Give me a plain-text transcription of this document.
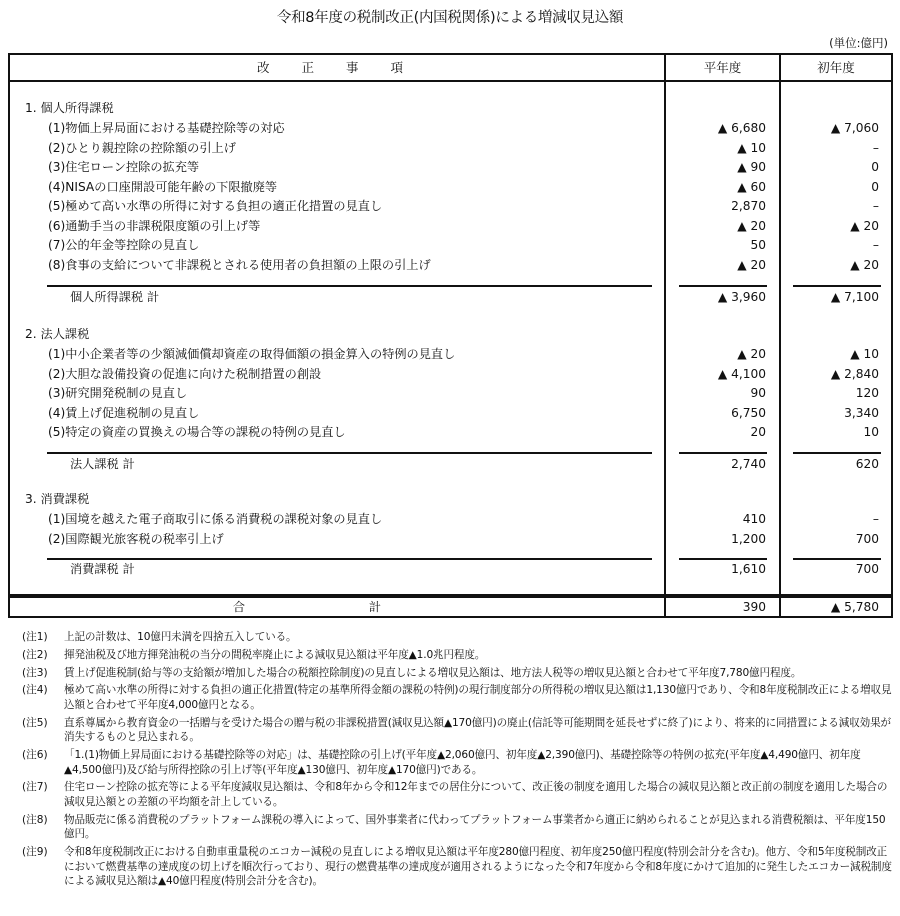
令和8年度の税制改正(内国税関係)による増減収見込額
(単位:億円)
改 正 事 項	平年度	初年度
1. 個人所得課税
(1)物価上昇局面における基礎控除等の対応	▲ 6,680	▲ 7,060
(2)ひとり親控除の控除額の引上げ	▲ 10	–
(3)住宅ローン控除の拡充等	▲ 90	0
(4)NISAの口座開設可能年齢の下限撤廃等	▲ 60	0
(5)極めて高い水準の所得に対する負担の適正化措置の見直し	2,870	–
(6)通勤手当の非課税限度額の引上げ等	▲ 20	▲ 20
(7)公的年金等控除の見直し	50	–
(8)食事の支給について非課税とされる使用者の負担額の上限の引上げ	▲ 20	▲ 20
個人所得課税 計	▲ 3,960	▲ 7,100
2. 法人課税
(1)中小企業者等の少額減価償却資産の取得価額の損金算入の特例の見直し	▲ 20	▲ 10
(2)大胆な設備投資の促進に向けた税制措置の創設	▲ 4,100	▲ 2,840
(3)研究開発税制の見直し	90	120
(4)賃上げ促進税制の見直し	6,750	3,340
(5)特定の資産の買換えの場合等の課税の特例の見直し	20	10
法人課税 計	2,740	620
3. 消費課税
(1)国境を越えた電子商取引に係る消費税の課税対象の見直し	410	–
(2)国際観光旅客税の税率引上げ	1,200	700
消費課税 計	1,610	700
合 計	390	▲ 5,780
(注1)	上記の計数は、10億円未満を四捨五入している。
(注2)	揮発油税及び地方揮発油税の当分の間税率廃止による減収見込額は平年度▲1.0兆円程度。
(注3)	賃上げ促進税制(給与等の支給額が増加した場合の税額控除制度)の見直しによる増収見込額は、地方法人税等の増収見込額と合わせて平年度7,780億円程度。
(注4)	極めて高い水準の所得に対する負担の適正化措置(特定の基準所得金額の課税の特例)の現行制度部分の所得税の増収見込額は1,130億円であり、令和8年度税制改正による増収見込額と合わせて平年度4,000億円となる。
(注5)	直系尊属から教育資金の一括贈与を受けた場合の贈与税の非課税措置(減収見込額▲170億円)の廃止(信託等可能期間を延長せずに終了)により、将来的に同措置による減収効果が消失するものと見込まれる。
(注6)	「1.(1)物価上昇局面における基礎控除等の対応」は、基礎控除の引上げ(平年度▲2,060億円、初年度▲2,390億円)、基礎控除等の特例の拡充(平年度▲4,490億円、初年度▲4,500億円)及び給与所得控除の引上げ等(平年度▲130億円、初年度▲170億円)である。
(注7)	住宅ローン控除の拡充等による平年度減収見込額は、令和8年から令和12年までの居住分について、改正後の制度を適用した場合の減収見込額と改正前の制度を適用した場合の減収見込額との差額の平均額を計上している。
(注8)	物品販売に係る消費税のプラットフォーム課税の導入によって、国外事業者に代わってプラットフォーム事業者から適正に納められることが見込まれる消費税額は、平年度150億円。
(注9)	令和8年度税制改正における自動車重量税のエコカー減税の見直しによる増収見込額は平年度280億円程度、初年度250億円程度(特別会計分を含む)。他方、令和5年度税制改正において燃費基準の達成度の切上げを順次行っており、現行の燃費基準の達成度が適用されるようになった令和7年度から令和8年度にかけて追加的に発生したエコカー減税制度による減収見込額は▲40億円程度(特別会計分を含む)。
